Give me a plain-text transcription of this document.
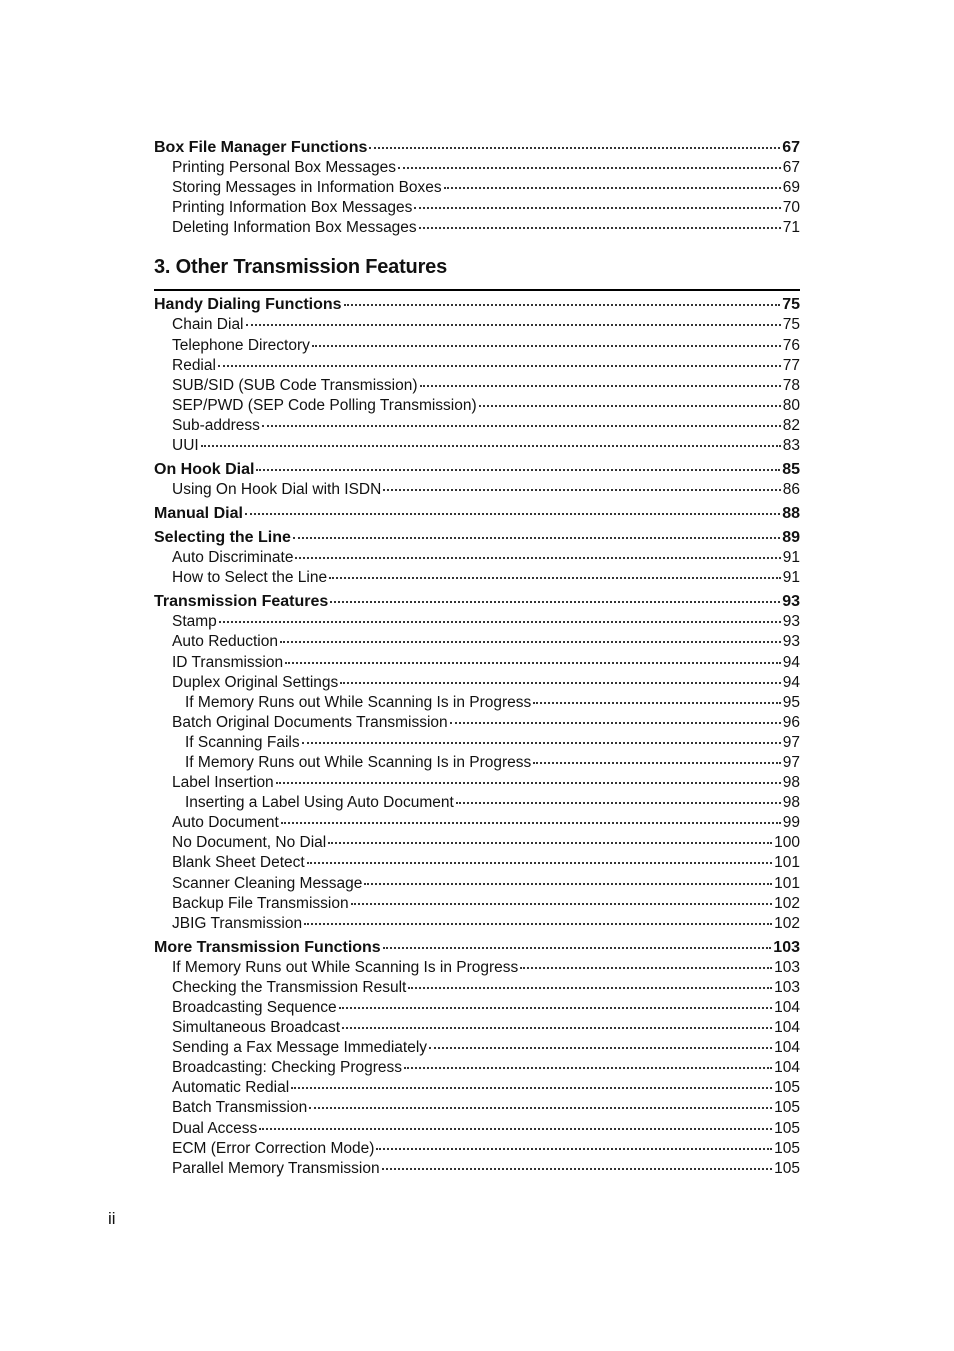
Box File Manager Functions	67
Printing Personal Box Messages	67
Storing Messages in Information Boxes	69
Printing Information Box Messages	70
Deleting Information Box Messages	71
3. Other Transmission Features
Handy Dialing Functions	75
Chain Dial	75
Telephone Directory	76
Redial	77
SUB/SID (SUB Code Transmission)	78
SEP/PWD (SEP Code Polling Transmission)	80
Sub-address	82
UUI	83
On Hook Dial	85
Using On Hook Dial with ISDN	86
Manual Dial	88
Selecting the Line	89
Auto Discriminate	91
How to Select the Line	91
Transmission Features	93
Stamp	93
Auto Reduction	93
ID Transmission	94
Duplex Original Settings	94
If Memory Runs out While Scanning Is in Progress	95
Batch Original Documents Transmission	96
If Scanning Fails	97
If Memory Runs out While Scanning Is in Progress	97
Label Insertion	98
Inserting a Label Using Auto Document	98
Auto Document	99
No Document, No Dial	100
Blank Sheet Detect	101
Scanner Cleaning Message	101
Backup File Transmission	102
JBIG Transmission	102
More Transmission Functions	103
If Memory Runs out While Scanning Is in Progress	103
Checking the Transmission Result	103
Broadcasting Sequence	104
Simultaneous Broadcast	104
Sending a Fax Message Immediately	104
Broadcasting: Checking Progress	104
Automatic Redial	105
Batch Transmission	105
Dual Access	105
ECM (Error Correction Mode)	105
Parallel Memory Transmission	105
ii
